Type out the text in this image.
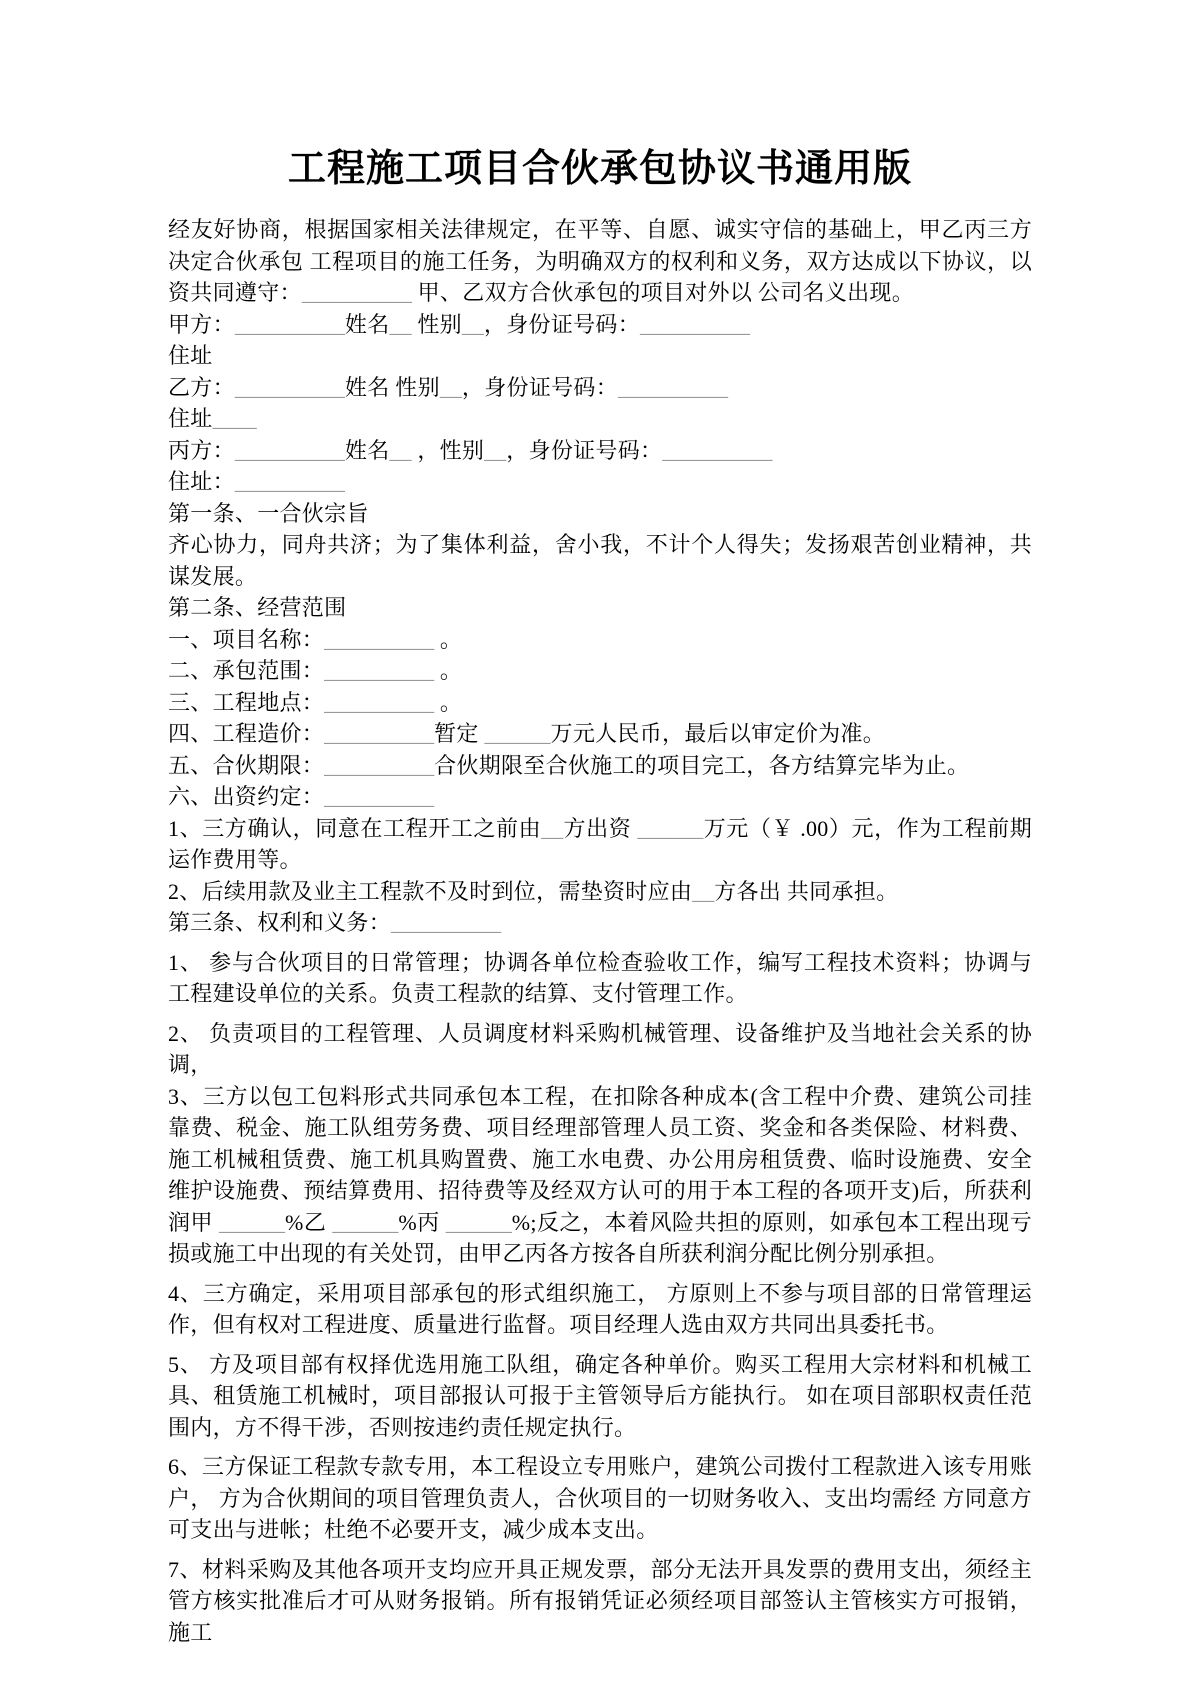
工程施工项目合伙承包协议书通用版

经友好协商，根据国家相关法律规定，在平等、自愿、诚实守信的基础上，甲乙丙三方决定合伙承包 工程项目的施工任务，为明确双方的权利和义务，双方达成以下协议，以资共同遵守：__________ 甲、乙双方合伙承包的项目对外以 公司名义出现。

甲方：__________姓名__ 性别__，身份证号码：__________

住址

乙方：__________姓名 性别__，身份证号码：__________

住址____

丙方：__________姓名__ ，性别__，身份证号码：__________

住址：__________

第一条、一合伙宗旨

齐心协力，同舟共济；为了集体利益，舍小我，不计个人得失；发扬艰苦创业精神，共谋发展。

第二条、经营范围

一、项目名称：__________ 。

二、承包范围：__________ 。

三、工程地点：__________ 。

四、工程造价：__________暂定 ______万元人民币，最后以审定价为准。

五、合伙期限：__________合伙期限至合伙施工的项目完工，各方结算完毕为止。

六、出资约定：__________

1、三方确认，同意在工程开工之前由__方出资 ______万元（￥ .00）元，作为工程前期运作费用等。

2、后续用款及业主工程款不及时到位，需垫资时应由__方各出 共同承担。

第三条、权利和义务：__________

1、 参与合伙项目的日常管理；协调各单位检查验收工作，编写工程技术资料；协调与工程建设单位的关系。负责工程款的结算、支付管理工作。

2、 负责项目的工程管理、人员调度材料采购机械管理、设备维护及当地社会关系的协调，

3、三方以包工包料形式共同承包本工程，在扣除各种成本(含工程中介费、建筑公司挂靠费、税金、施工队组劳务费、项目经理部管理人员工资、奖金和各类保险、材料费、施工机械租赁费、施工机具购置费、施工水电费、办公用房租赁费、临时设施费、安全维护设施费、预结算费用、招待费等及经双方认可的用于本工程的各项开支)后，所获利润甲 ______%乙 ______%丙 ______%;反之，本着风险共担的原则，如承包本工程出现亏损或施工中出现的有关处罚，由甲乙丙各方按各自所获利润分配比例分别承担。

4、三方确定，采用项目部承包的形式组织施工， 方原则上不参与项目部的日常管理运作，但有权对工程进度、质量进行监督。项目经理人选由双方共同出具委托书。

5、 方及项目部有权择优选用施工队组，确定各种单价。购买工程用大宗材料和机械工具、租赁施工机械时，项目部报认可报于主管领导后方能执行。 如在项目部职权责任范围内，方不得干涉，否则按违约责任规定执行。

6、三方保证工程款专款专用，本工程设立专用账户，建筑公司拨付工程款进入该专用账户， 方为合伙期间的项目管理负责人，合伙项目的一切财务收入、支出均需经 方同意方可支出与进帐；杜绝不必要开支，减少成本支出。

7、材料采购及其他各项开支均应开具正规发票，部分无法开具发票的费用支出，须经主管方核实批准后才可从财务报销。所有报销凭证必须经项目部签认主管核实方可报销，施工
